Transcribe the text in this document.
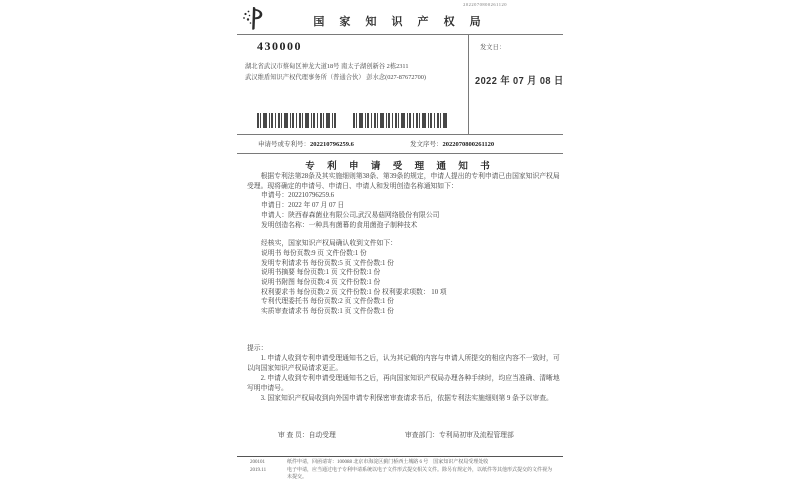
国 家 知 识 产 权 局
2022070800261120
430000
湖北省武汉市蔡甸区神龙大道18号 南太子湖创新谷 2栋2311
武汉维盾知识产权代理事务所（普通合伙） 彭水念(027-87672700)
发文日：
2022 年 07 月 08 日
申请号或专利号：202210796259.6	发文序号：2022070800261120
专 利 申 请 受 理 通 知 书

根据专利法第28条及其实施细则第38条、第39条的规定，申请人提出的专利申请已由国家知识产权局受理。现将确定的申请号、申请日、申请人和发明创造名称通知如下：

申请号：202210796259.6

申请日：2022 年 07 月 07 日

申请人：陕西春森菌业有限公司,武汉易菇网络股份有限公司

发明创造名称：一种具有菌幕的食用菌孢子制种技术

经核实，国家知识产权局确认收到文件如下：

说明书 每份页数:9 页 文件份数:1 份

发明专利请求书 每份页数:5 页 文件份数:1 份

说明书摘要 每份页数:1 页 文件份数:1 份

说明书附图 每份页数:4 页 文件份数:1 份

权利要求书 每份页数:2 页 文件份数:1 份 权利要求项数： 10 项

专利代理委托书 每份页数:2 页 文件份数:1 份

实质审查请求书 每份页数:1 页 文件份数:1 份

提示：

1. 申请人收到专利申请受理通知书之后，认为其记载的内容与申请人所提交的相应内容不一致时，可以向国家知识产权局请求更正。

2. 申请人收到专利申请受理通知书之后，再向国家知识产权局办理各种手续时，均应当准确、清晰地写明申请号。

3. 国家知识产权局收到向外国申请专利保密审查请求书后，依据专利法实施细则第 9 条予以审查。

审 查 员：自动受理	审查部门：专利局初审及流程管理部
200101	纸件申请，回函请寄：100088 北京市海淀区蓟门桥西土城路 6 号　国家知识产权局受理处收
2019.11	电子申请，应当通过电子专利申请系统以电子文件形式提交相关文件。除另有规定外，以纸件等其他形式提交的文件视为未提交。
